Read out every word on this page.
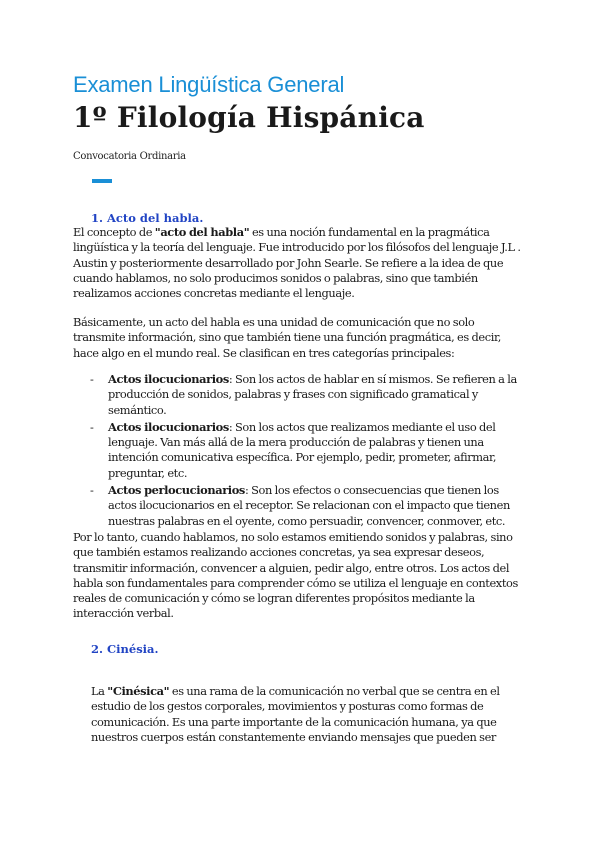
Examen Lingüística General
1º Filología Hispánica
Convocatoria Ordinaria
1. Acto del habla.
El concepto de "acto del habla" es una noción fundamental en la pragmática lingüística y la teoría del lenguaje. Fue introducido por los filósofos del lenguaje J.L . Austin y posteriormente desarrollado por John Searle. Se refiere a la idea de que cuando hablamos, no solo producimos sonidos o palabras, sino que también realizamos acciones concretas mediante el lenguaje.
Básicamente, un acto del habla es una unidad de comunicación que no solo transmite información, sino que también tiene una función pragmática, es decir, hace algo en el mundo real. Se clasifican en tres categorías principales:
- Actos ilocucionarios: Son los actos de hablar en sí mismos. Se refieren a la producción de sonidos, palabras y frases con significado gramatical y semántico.
- Actos ilocucionarios: Son los actos que realizamos mediante el uso del lenguaje. Van más allá de la mera producción de palabras y tienen una intención comunicativa específica. Por ejemplo, pedir, prometer, afirmar, preguntar, etc.
- Actos perlocucionarios: Son los efectos o consecuencias que tienen los actos ilocucionarios en el receptor. Se relacionan con el impacto que tienen nuestras palabras en el oyente, como persuadir, convencer, conmover, etc.
Por lo tanto, cuando hablamos, no solo estamos emitiendo sonidos y palabras, sino que también estamos realizando acciones concretas, ya sea expresar deseos, transmitir información, convencer a alguien, pedir algo, entre otros. Los actos del habla son fundamentales para comprender cómo se utiliza el lenguaje en contextos reales de comunicación y cómo se logran diferentes propósitos mediante la interacción verbal.
2. Cinésia.
La "Cinésica" es una rama de la comunicación no verbal que se centra en el estudio de los gestos corporales, movimientos y posturas como formas de comunicación. Es una parte importante de la comunicación humana, ya que nuestros cuerpos están constantemente enviando mensajes que pueden ser
